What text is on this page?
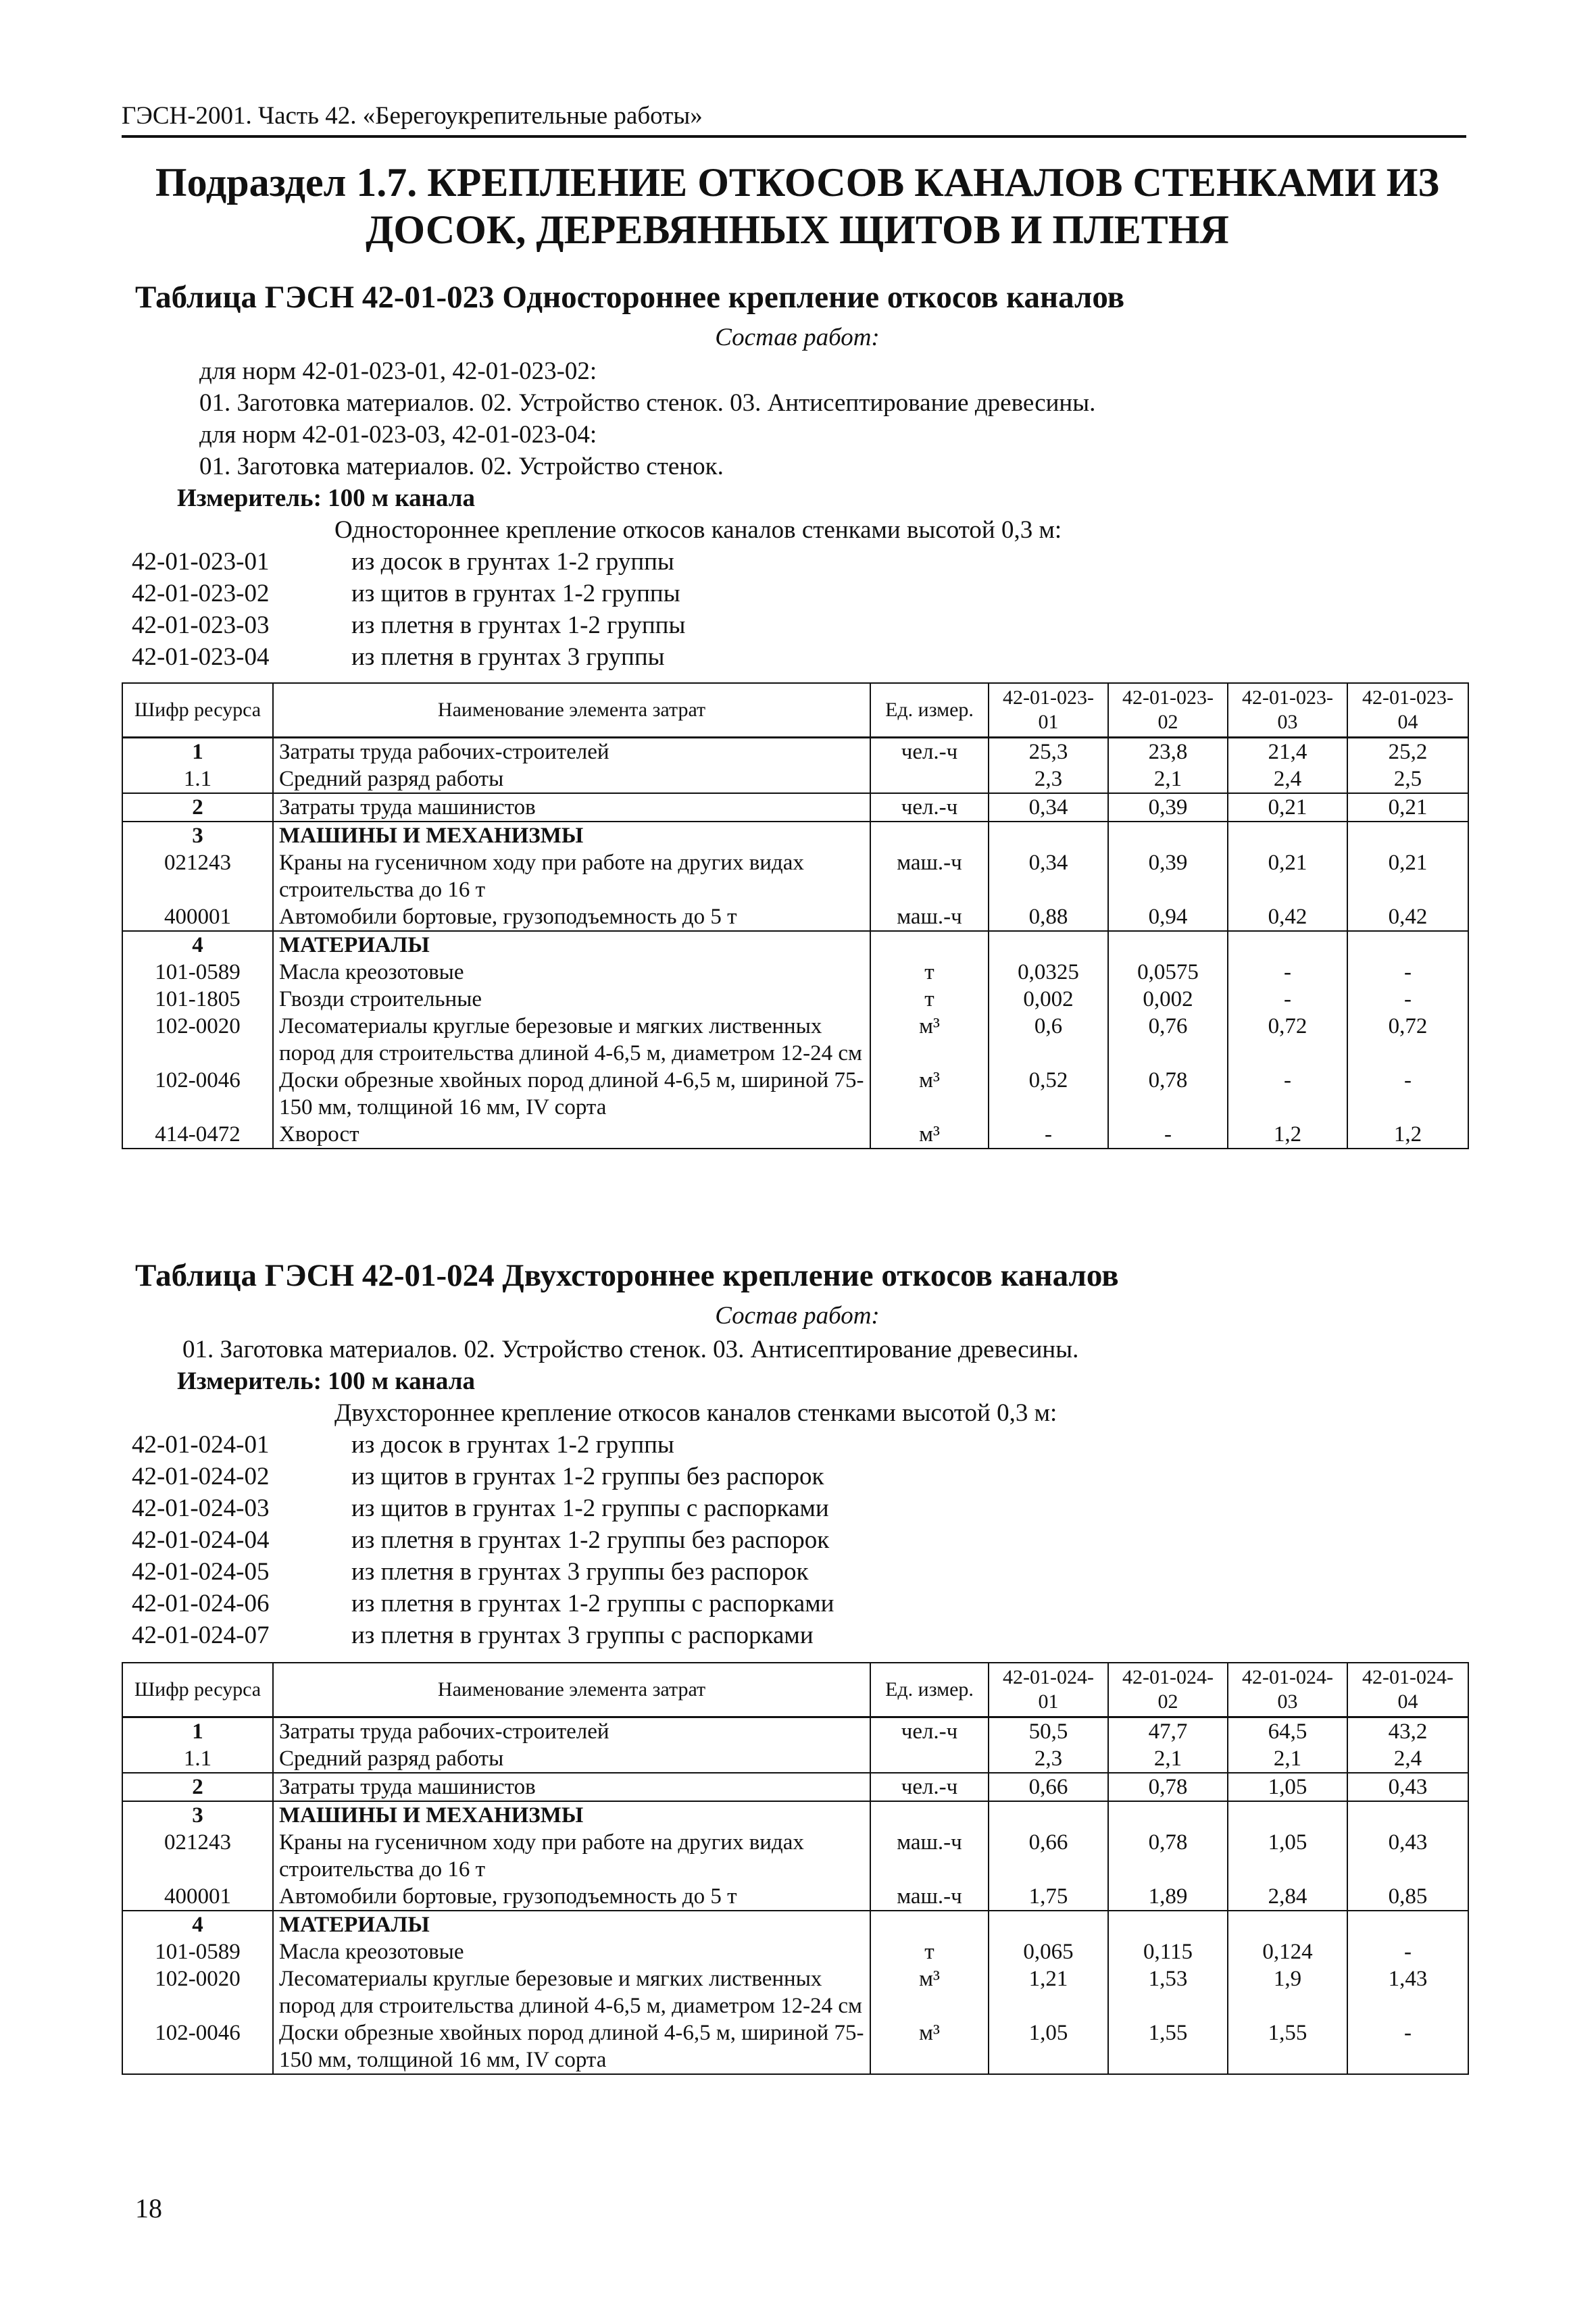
ГЭСН-2001. Часть 42. «Берегоукрепительные работы»
Подраздел 1.7. КРЕПЛЕНИЕ ОТКОСОВ КАНАЛОВ СТЕНКАМИ ИЗ
ДОСОК, ДЕРЕВЯННЫХ ЩИТОВ И ПЛЕТНЯ
Таблица ГЭСН 42-01-023 Одностороннее крепление откосов каналов
Состав работ:
для норм 42-01-023-01, 42-01-023-02:
01. Заготовка материалов. 02. Устройство стенок. 03. Антисептирование древесины.
для норм 42-01-023-03, 42-01-023-04:
01. Заготовка материалов. 02. Устройство стенок.
Измеритель: 100 м канала
Одностороннее крепление откосов каналов стенками высотой 0,3 м:
42-01-023-01	из досок в грунтах 1-2 группы
42-01-023-02	из щитов в грунтах 1-2 группы
42-01-023-03	из плетня в грунтах 1-2 группы
42-01-023-04	из плетня в грунтах 3 группы
Шифр ресурса	Наименование элемента затрат	Ед. измер.	42-01-023-01	42-01-023-02	42-01-023-03	42-01-023-04
1	Затраты труда рабочих-строителей	чел.-ч	25,3	23,8	21,4	25,2
1.1	Средний разряд работы		2,3	2,1	2,4	2,5
2	Затраты труда машинистов	чел.-ч	0,34	0,39	0,21	0,21
3	МАШИНЫ И МЕХАНИЗМЫ					
021243	Краны на гусеничном ходу при работе на других видах строительства до 16 т	маш.-ч	0,34	0,39	0,21	0,21
400001	Автомобили бортовые, грузоподъемность до 5 т	маш.-ч	0,88	0,94	0,42	0,42
4	МАТЕРИАЛЫ					
101-0589	Масла креозотовые	т	0,0325	0,0575	-	-
101-1805	Гвозди строительные	т	0,002	0,002	-	-
102-0020	Лесоматериалы круглые березовые и мягких лиственных пород для строительства длиной 4-6,5 м, диаметром 12-24 см	м³	0,6	0,76	0,72	0,72
102-0046	Доски обрезные хвойных пород длиной 4-6,5 м, шириной 75-150 мм, толщиной 16 мм, IV сорта	м³	0,52	0,78	-	-
414-0472	Хворост	м³	-	-	1,2	1,2
Таблица ГЭСН 42-01-024 Двухстороннее крепление откосов каналов
Состав работ:
01. Заготовка материалов. 02. Устройство стенок. 03. Антисептирование древесины.
Измеритель: 100 м канала
Двухстороннее крепление откосов каналов стенками высотой 0,3 м:
42-01-024-01	из досок в грунтах 1-2 группы
42-01-024-02	из щитов в грунтах 1-2 группы без распорок
42-01-024-03	из щитов в грунтах 1-2 группы с распорками
42-01-024-04	из плетня в грунтах 1-2 группы без распорок
42-01-024-05	из плетня в грунтах 3 группы без распорок
42-01-024-06	из плетня в грунтах 1-2 группы с распорками
42-01-024-07	из плетня в грунтах 3 группы с распорками
Шифр ресурса	Наименование элемента затрат	Ед. измер.	42-01-024-01	42-01-024-02	42-01-024-03	42-01-024-04
1	Затраты труда рабочих-строителей	чел.-ч	50,5	47,7	64,5	43,2
1.1	Средний разряд работы		2,3	2,1	2,1	2,4
2	Затраты труда машинистов	чел.-ч	0,66	0,78	1,05	0,43
3	МАШИНЫ И МЕХАНИЗМЫ					
021243	Краны на гусеничном ходу при работе на других видах строительства до 16 т	маш.-ч	0,66	0,78	1,05	0,43
400001	Автомобили бортовые, грузоподъемность до 5 т	маш.-ч	1,75	1,89	2,84	0,85
4	МАТЕРИАЛЫ					
101-0589	Масла креозотовые	т	0,065	0,115	0,124	-
102-0020	Лесоматериалы круглые березовые и мягких лиственных пород для строительства длиной 4-6,5 м, диаметром 12-24 см	м³	1,21	1,53	1,9	1,43
102-0046	Доски обрезные хвойных пород длиной 4-6,5 м, шириной 75-150 мм, толщиной 16 мм, IV сорта	м³	1,05	1,55	1,55	-
18
